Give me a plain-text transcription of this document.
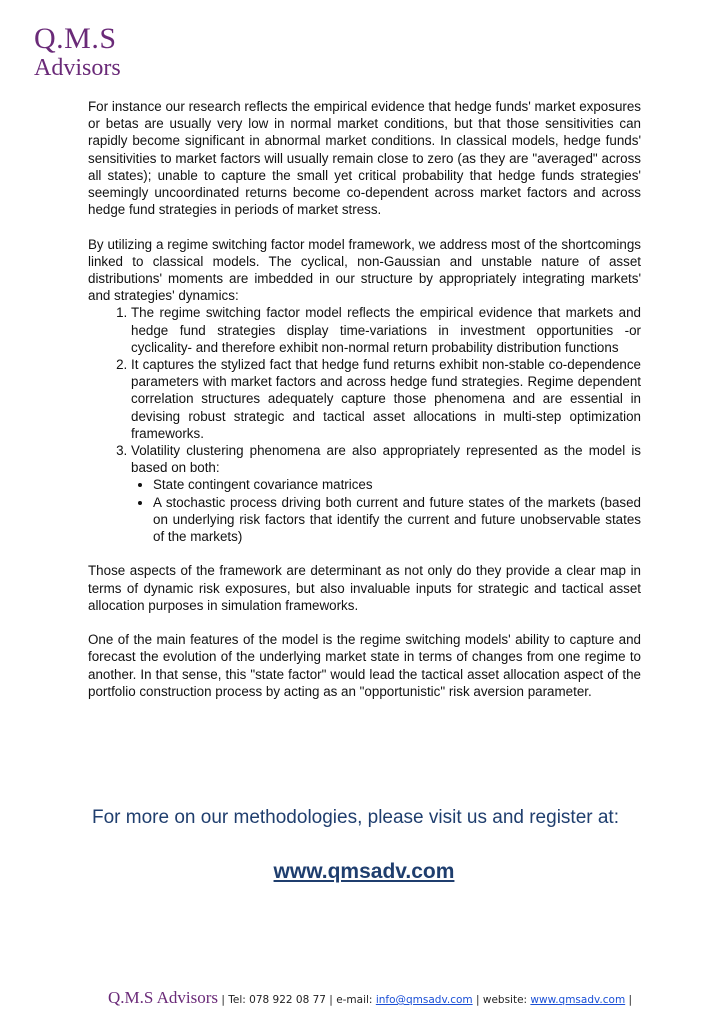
Q.M.S
Advisors

For instance our research reflects the empirical evidence that hedge funds' market exposures or betas are usually very low in normal market conditions, but that those sensitivities can rapidly become significant in abnormal market conditions. In classical models, hedge funds' sensitivities to market factors will usually remain close to zero (as they are "averaged" across all states); unable to capture the small yet critical probability that hedge funds strategies' seemingly uncoordinated returns become co-dependent across market factors and across hedge fund strategies in periods of market stress.

By utilizing a regime switching factor model framework, we address most of the shortcomings linked to classical models. The cyclical, non-Gaussian and unstable nature of asset distributions' moments are imbedded in our structure by appropriately integrating markets' and strategies' dynamics:

1. The regime switching factor model reflects the empirical evidence that markets and hedge fund strategies display time-variations in investment opportunities -or cyclicality- and therefore exhibit non-normal return probability distribution functions
2. It captures the stylized fact that hedge fund returns exhibit non-stable co-dependence parameters with market factors and across hedge fund strategies. Regime dependent correlation structures adequately capture those phenomena and are essential in devising robust strategic and tactical asset allocations in multi-step optimization frameworks.
3. Volatility clustering phenomena are also appropriately represented as the model is based on both:
• State contingent covariance matrices
• A stochastic process driving both current and future states of the markets (based on underlying risk factors that identify the current and future unobservable states of the markets)

Those aspects of the framework are determinant as not only do they provide a clear map in terms of dynamic risk exposures, but also invaluable inputs for strategic and tactical asset allocation purposes in simulation frameworks.

One of the main features of the model is the regime switching models' ability to capture and forecast the evolution of the underlying market state in terms of changes from one regime to another. In that sense, this "state factor" would lead the tactical asset allocation aspect of the portfolio construction process by acting as an "opportunistic" risk aversion parameter.

For more on our methodologies, please visit us and register at:
www.qmsadv.com
Q.M.S Advisors | Tel: 078 922 08 77 | e-mail: info@qmsadv.com | website: www.qmsadv.com |
